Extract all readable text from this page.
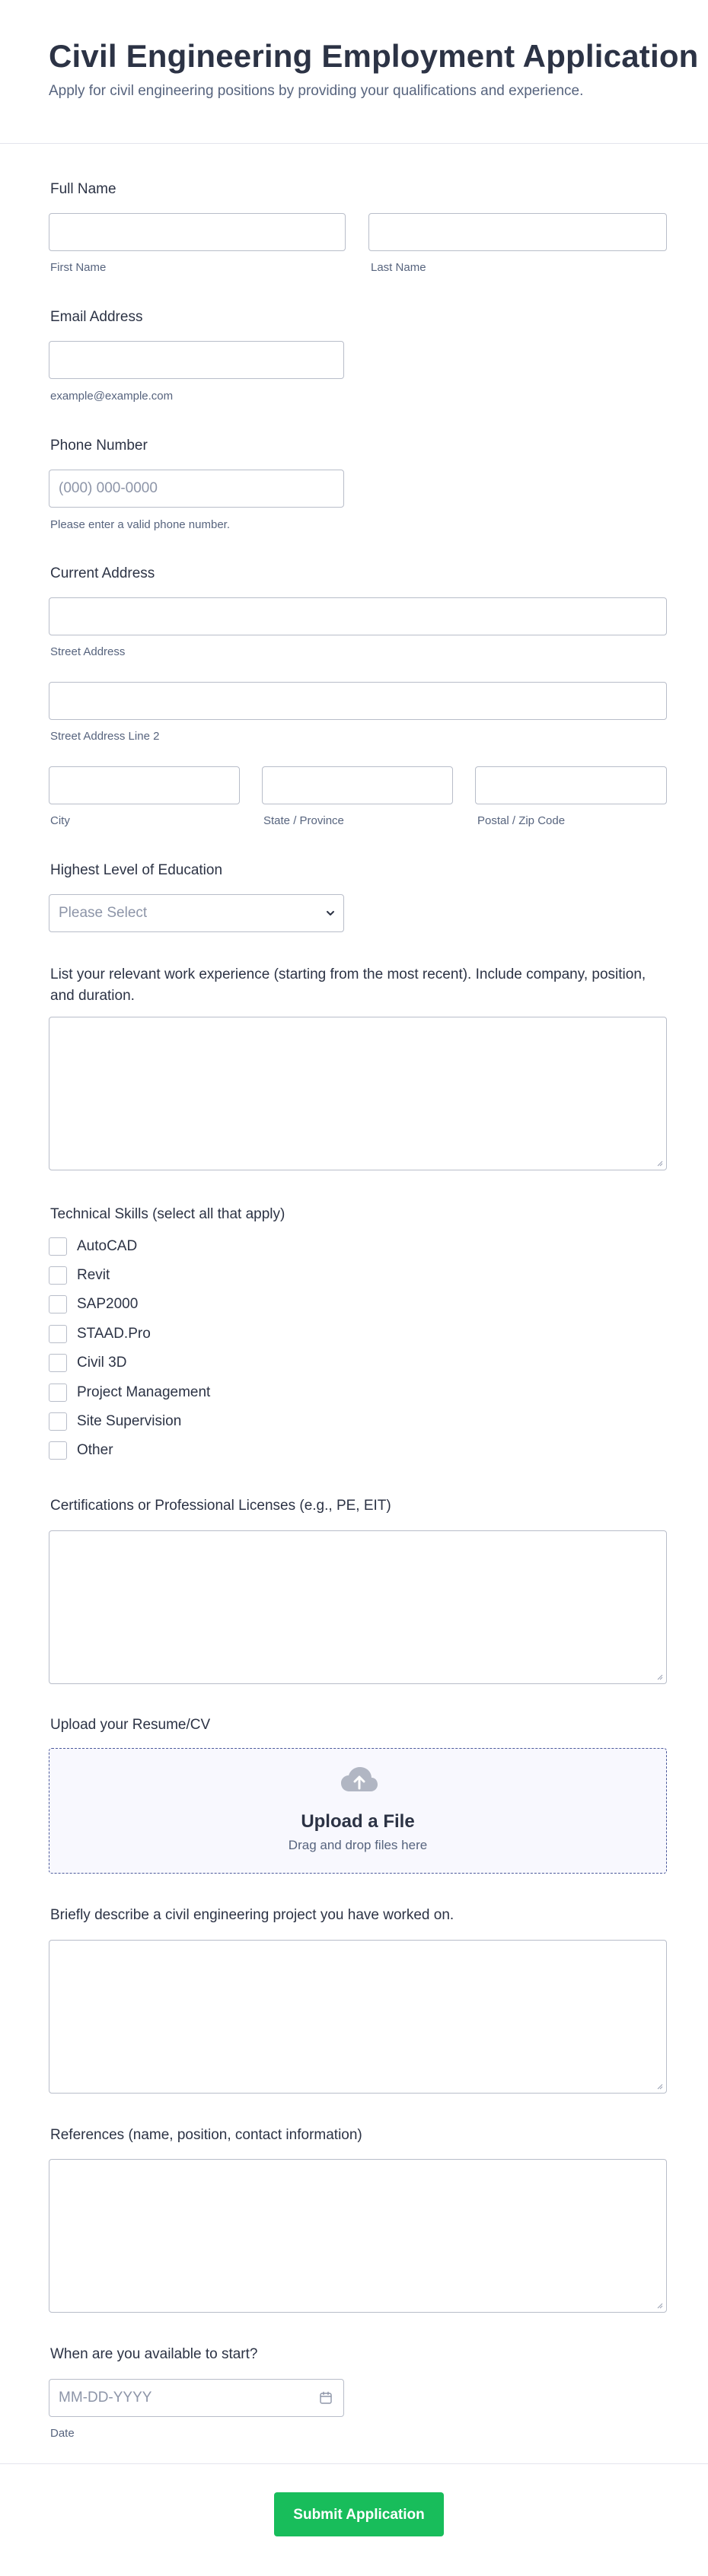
Civil Engineering Employment Application
Apply for civil engineering positions by providing your qualifications and experience.
Full Name
First Name	Last Name
Email Address
example@example.com
Phone Number
(000) 000-0000
Please enter a valid phone number.
Current Address
Street Address
Street Address Line 2
City	State / Province	Postal / Zip Code
Highest Level of Education
Please Select
List your relevant work experience (starting from the most recent). Include company, position, and duration.
Technical Skills (select all that apply)
AutoCAD
Revit
SAP2000
STAAD.Pro
Civil 3D
Project Management
Site Supervision
Other
Certifications or Professional Licenses (e.g., PE, EIT)
Upload your Resume/CV
Upload a File
Drag and drop files here
Briefly describe a civil engineering project you have worked on.
References (name, position, contact information)
When are you available to start?
MM-DD-YYYY
Date
Submit Application
